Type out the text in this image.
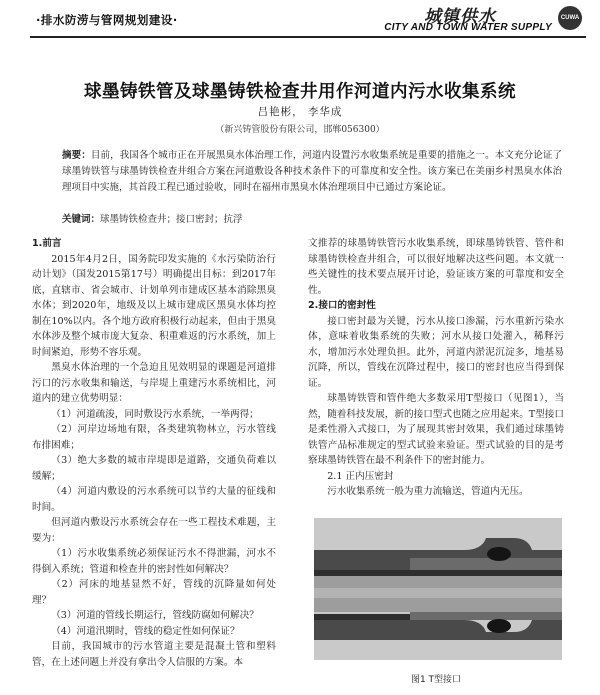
·排水防涝与管网规划建设·	城镇供水
CITY AND TOWN WATER SUPPLY
CUWA
球墨铸铁管及球墨铸铁检查井用作河道内污水收集系统
吕艳彬， 李华成
（新兴铸管股份有限公司，邯郸056300）
摘要：目前，我国各个城市正在开展黑臭水体治理工作，河道内设置污水收集系统是重要的措施之一。本文充分论证了球墨铸铁管与球墨铸铁检查井组合方案在河道敷设各种技术条件下的可靠度和安全性。该方案已在美丽乡村黑臭水体治理项目中实施，其首段工程已通过验收，同时在福州市黑臭水体治理项目中已通过方案论证。
关键词：球墨铸铁检查井；接口密封；抗浮

1.前言

2015年4月2日，国务院印发实施的《水污染防治行动计划》（国发2015第17号）明确提出目标：到2017年底，直辖市、省会城市、计划单列市建成区基本消除黑臭水体；到2020年，地级及以上城市建成区黑臭水体均控制在10%以内。各个地方政府积极行动起来，但由于黑臭水体涉及整个城市庞大复杂、积重难返的污水系统，加上时间紧迫，形势不容乐观。

黑臭水体治理的一个急迫且见效明显的课题是河道排污口的污水收集和输送，与岸堤上重建污水系统相比，河道内的建立优势明显：

（1）河道疏浚，同时敷设污水系统，一举两得；

（2）河岸边场地有限，各类建筑物林立，污水管线布排困难；

（3）绝大多数的城市岸堤即是道路，交通负荷难以缓解；

（4）河道内敷设的污水系统可以节约大量的征线和时间。

但河道内敷设污水系统会存在一些工程技术难题，主要为：

（1）污水收集系统必须保证污水不得泄漏，河水不得倒入系统；管道和检查井的密封性如何解决？

（2）河床的地基显然不好，管线的沉降量如何处理？

（3）河道的管线长期运行，管线防腐如何解决？

（4）河道汛期时，管线的稳定性如何保证？

目前，我国城市的污水管道主要是混凝土管和塑料管，在上述问题上并没有拿出令人信服的方案。本

文推荐的球墨铸铁管污水收集系统，即球墨铸铁管、管件和球墨铸铁检查井组合，可以很好地解决这些问题。本文就一些关键性的技术要点展开讨论，验证该方案的可靠度和安全性。

2.接口的密封性

接口密封最为关键，污水从接口渗漏，污水重新污染水体，意味着收集系统的失败；河水从接口处灌入，稀释污水，增加污水处理负担。此外，河道内淤泥沉淀多，地基易沉降，所以，管线在沉降过程中，接口的密封也应当得到保证。

球墨铸铁管和管件绝大多数采用T型接口（见图1），当然，随着科技发展，新的接口型式也随之应用起来。T型接口是柔性滑入式接口，为了展现其密封效果，我们通过球墨铸铁管产品标准规定的型式试验来验证。型式试验的目的是考察球墨铸铁管在最不利条件下的密封能力。

2.1 正内压密封

污水收集系统一般为重力流输送，管道内无压。

图1 T型接口
